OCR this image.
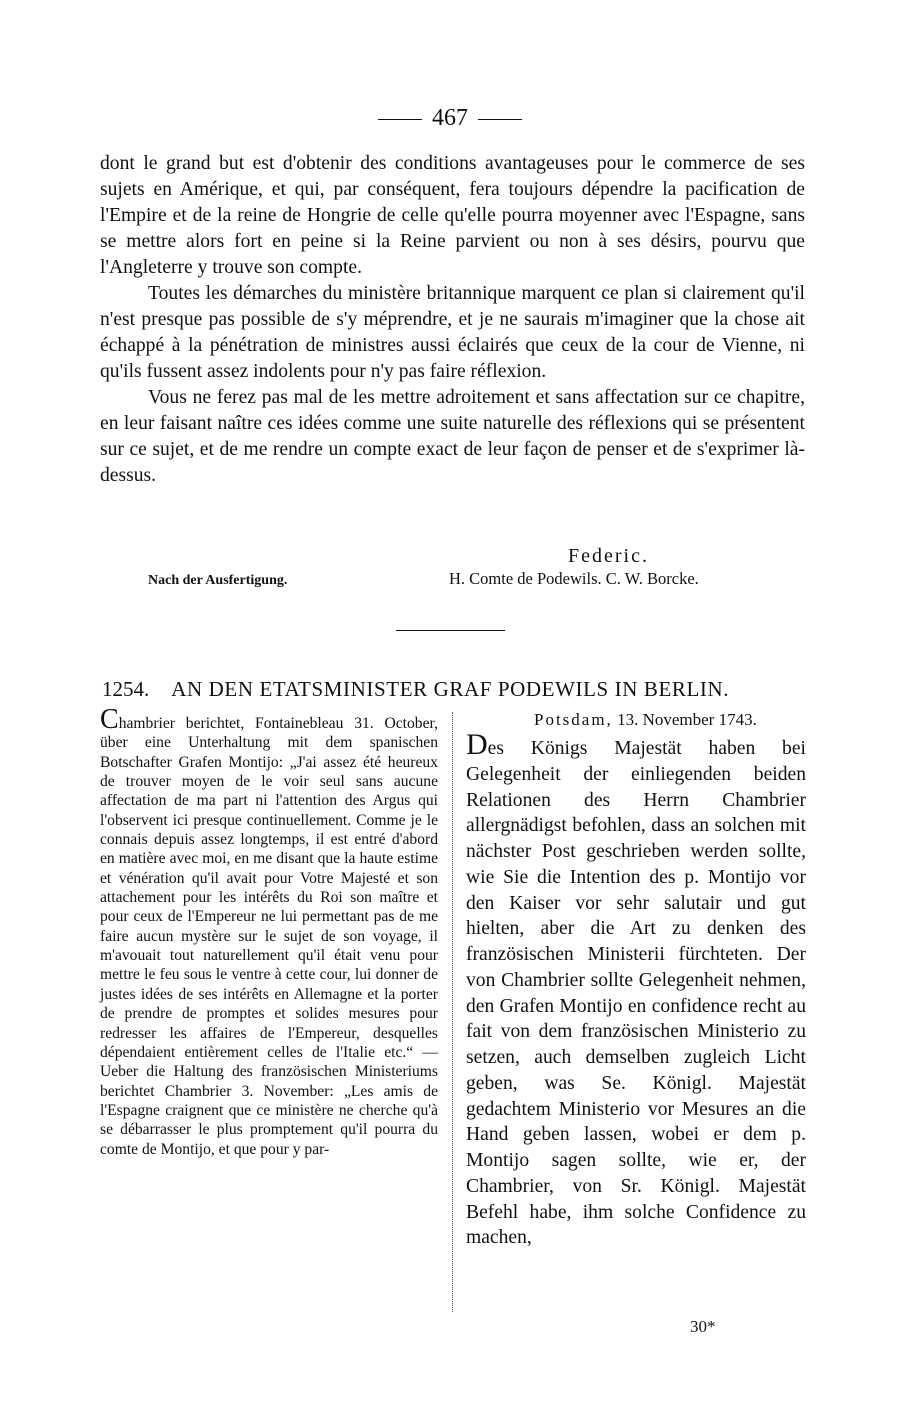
467

dont le grand but est d'obtenir des conditions avantageuses pour le commerce de ses sujets en Amérique, et qui, par conséquent, fera toujours dépendre la pacification de l'Empire et de la reine de Hongrie de celle qu'elle pourra moyenner avec l'Espagne, sans se mettre alors fort en peine si la Reine parvient ou non à ses désirs, pourvu que l'Angleterre y trouve son compte.

Toutes les démarches du ministère britannique marquent ce plan si clairement qu'il n'est presque pas possible de s'y méprendre, et je ne saurais m'imaginer que la chose ait échappé à la pénétration de ministres aussi éclairés que ceux de la cour de Vienne, ni qu'ils fussent assez indolents pour n'y pas faire réflexion.

Vous ne ferez pas mal de les mettre adroitement et sans affectation sur ce chapitre, en leur faisant naître ces idées comme une suite naturelle des réflexions qui se présentent sur ce sujet, et de me rendre un compte exact de leur façon de penser et de s'exprimer là-dessus.

Federic.
Nach der Ausfertigung.	H. Comte de Podewils. C. W. Borcke.
1254. AN DEN ETATSMINISTER GRAF PODEWILS IN BERLIN.

Chambrier berichtet, Fontainebleau 31. October, über eine Unterhaltung mit dem spanischen Botschafter Grafen Montijo: „J'ai assez été heureux de trouver moyen de le voir seul sans aucune affectation de ma part ni l'attention des Argus qui l'observent ici presque continuellement. Comme je le connais depuis assez longtemps, il est entré d'abord en matière avec moi, en me disant que la haute estime et vénération qu'il avait pour Votre Majesté et son attachement pour les intérêts du Roi son maître et pour ceux de l'Empereur ne lui permettant pas de me faire aucun mystère sur le sujet de son voyage, il m'avouait tout naturellement qu'il était venu pour mettre le feu sous le ventre à cette cour, lui donner de justes idées de ses intérêts en Allemagne et la porter de prendre de promptes et solides mesures pour redresser les affaires de l'Empereur, desquelles dépendaient entièrement celles de l'Italie etc.“ — Ueber die Haltung des französischen Ministeriums berichtet Chambrier 3. November: „Les amis de l'Espagne craignent que ce ministère ne cherche qu'à se débarrasser le plus promptement qu'il pourra du comte de Montijo, et que pour y par-

Potsdam, 13. November 1743.

Des Königs Majestät haben bei Gelegenheit der einliegenden beiden Relationen des Herrn Chambrier allergnädigst befohlen, dass an solchen mit nächster Post geschrieben werden sollte, wie Sie die Intention des p. Montijo vor den Kaiser vor sehr salutair und gut hielten, aber die Art zu denken des französischen Ministerii fürchteten. Der von Chambrier sollte Gelegenheit nehmen, den Grafen Montijo en confidence recht au fait von dem französischen Ministerio zu setzen, auch demselben zugleich Licht geben, was Se. Königl. Majestät gedachtem Ministerio vor Mesures an die Hand geben lassen, wobei er dem p. Montijo sagen sollte, wie er, der Chambrier, von Sr. Königl. Majestät Befehl habe, ihm solche Confidence zu machen,

30*
